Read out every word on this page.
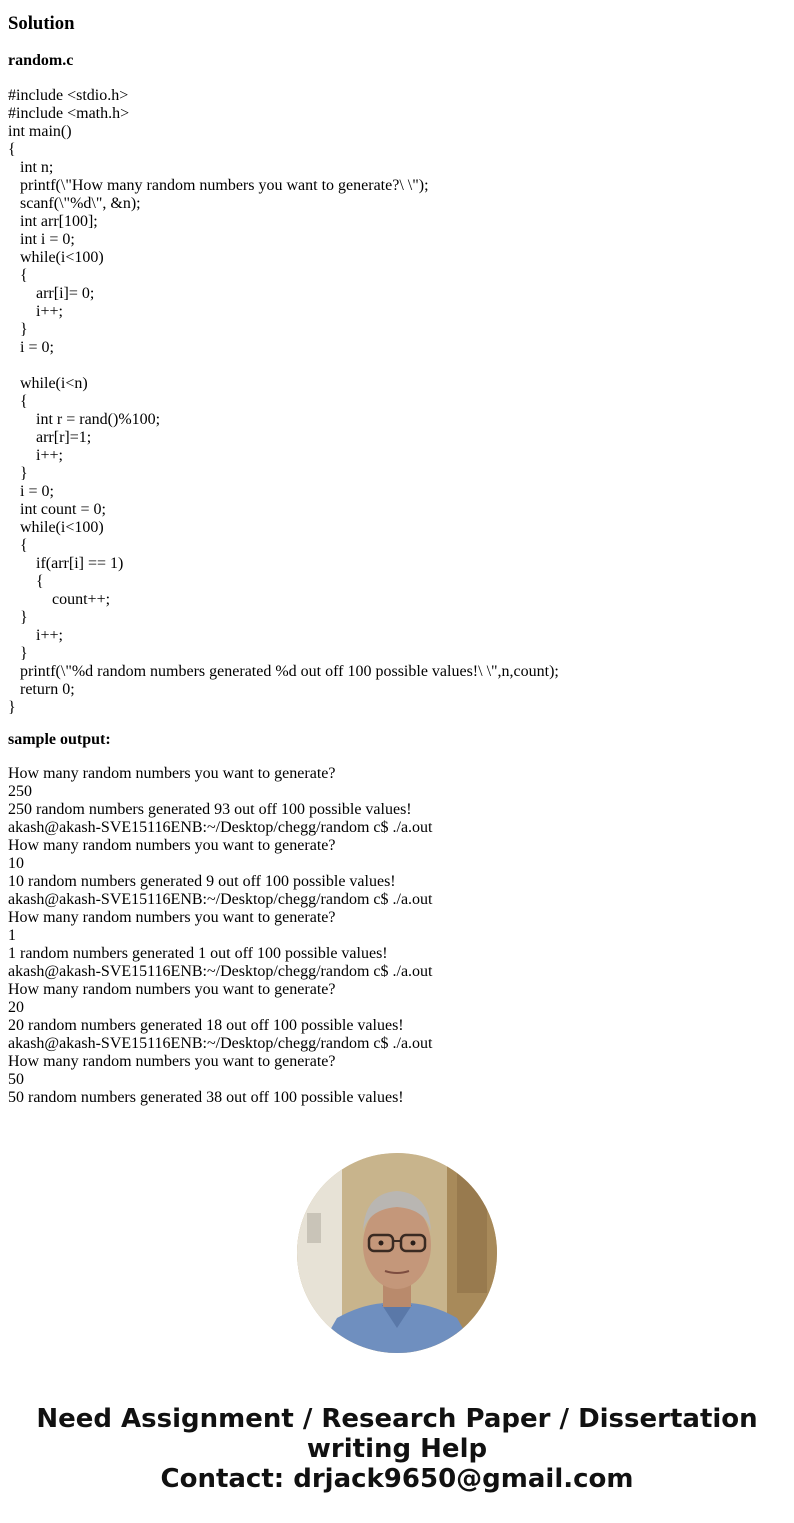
Solution
random.c
#include <stdio.h>
#include <math.h>
int main()
{
int n;
printf(\"How many random numbers you want to generate?\ \");
scanf(\"%d\", &n);
int arr[100];
int i = 0;
while(i<100)
{
arr[i]= 0;
i++;
}
i = 0;
while(i<n)
{
int r = rand()%100;
arr[r]=1;
i++;
}
i = 0;
int count = 0;
while(i<100)
{
if(arr[i] == 1)
{
count++;
}
i++;
}
printf(\"%d random numbers generated %d out off 100 possible values!\ \",n,count);
return 0;
}
sample output:
How many random numbers you want to generate?
250
250 random numbers generated 93 out off 100 possible values!
akash@akash-SVE15116ENB:~/Desktop/chegg/random c$ ./a.out
How many random numbers you want to generate?
10
10 random numbers generated 9 out off 100 possible values!
akash@akash-SVE15116ENB:~/Desktop/chegg/random c$ ./a.out
How many random numbers you want to generate?
1
1 random numbers generated 1 out off 100 possible values!
akash@akash-SVE15116ENB:~/Desktop/chegg/random c$ ./a.out
How many random numbers you want to generate?
20
20 random numbers generated 18 out off 100 possible values!
akash@akash-SVE15116ENB:~/Desktop/chegg/random c$ ./a.out
How many random numbers you want to generate?
50
50 random numbers generated 38 out off 100 possible values!
Need Assignment / Research Paper / Dissertation
writing Help
Contact: drjack9650@gmail.com
